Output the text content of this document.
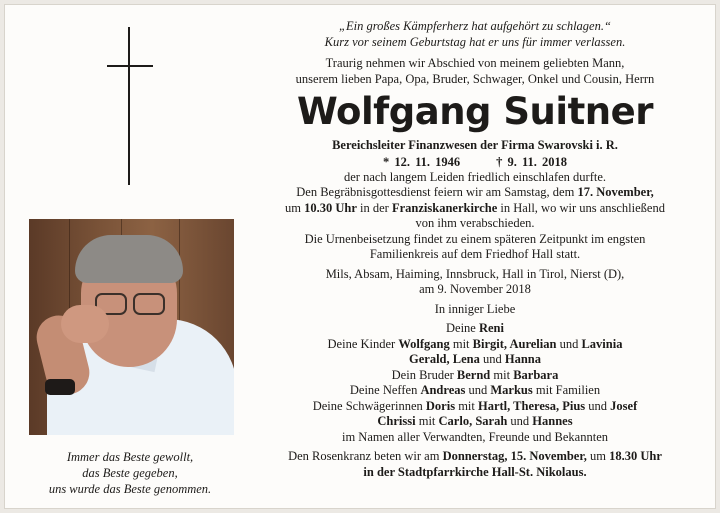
Immer das Beste gewollt,
das Beste gegeben,
uns wurde das Beste genommen.
„Ein großes Kämpferherz hat aufgehört zu schlagen.“
Kurz vor seinem Geburtstag hat er uns für immer verlassen.
Traurig nehmen wir Abschied von meinem geliebten Mann,
unserem lieben Papa, Opa, Bruder, Schwager, Onkel und Cousin, Herrn
Wolfgang Suitner
Bereichsleiter Finanzwesen der Firma Swarovski i. R.
* 12. 11. 1946	† 9. 11. 2018
der nach langem Leiden friedlich einschlafen durfte.
Den Begräbnisgottesdienst feiern wir am Samstag, dem 17. November,
um 10.30 Uhr in der Franziskanerkirche in Hall, wo wir uns anschließend
von ihm verabschieden.
Die Urnenbeisetzung findet zu einem späteren Zeitpunkt im engsten
Familienkreis auf dem Friedhof Hall statt.
Mils, Absam, Haiming, Innsbruck, Hall in Tirol, Nierst (D),
am 9. November 2018
In inniger Liebe
Deine Reni
Deine Kinder Wolfgang mit Birgit, Aurelian und Lavinia
Gerald, Lena und Hanna
Dein Bruder Bernd mit Barbara
Deine Neffen Andreas und Markus mit Familien
Deine Schwägerinnen Doris mit Hartl, Theresa, Pius und Josef
Chrissi mit Carlo, Sarah und Hannes
im Namen aller Verwandten, Freunde und Bekannten
Den Rosenkranz beten wir am Donnerstag, 15. November, um 18.30 Uhr
in der Stadtpfarrkirche Hall-St. Nikolaus.
